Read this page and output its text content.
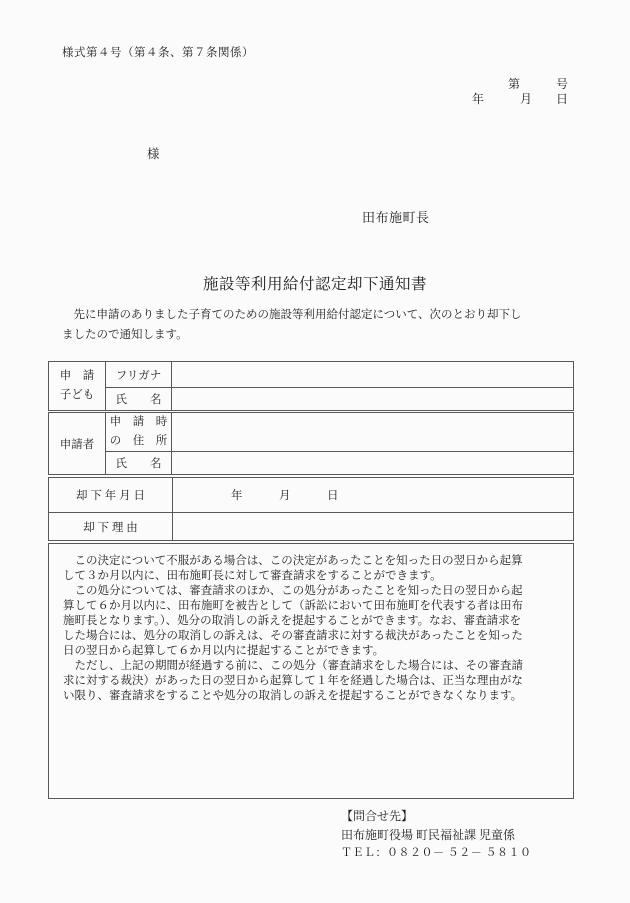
様式第４号（第４条、第７条関係）
第　　　号
年　　　月　　日
様
田布施町長
施設等利用給付認定却下通知書

　先に申請のありました子育てのための施設等利用給付認定について、次のとおり却下しましたので通知します。

申　請
子ども
フリガナ
氏　　名
申請者
申　請　時
の　住　所
氏　　名
却 下 年 月 日	年　　　月　　　日
却 下 理 由

　この決定について不服がある場合は、この決定があったことを知った日の翌日から起算して３か月以内に、田布施町長に対して審査請求をすることができます。

　この処分については、審査請求のほか、この処分があったことを知った日の翌日から起算して６か月以内に、田布施町を被告として（訴訟において田布施町を代表する者は田布施町長となります。）、処分の取消しの訴えを提起することができます。なお、審査請求をした場合には、処分の取消しの訴えは、その審査請求に対する裁決があったことを知った日の翌日から起算して６か月以内に提起することができます。

　ただし、上記の期間が経過する前に、この処分（審査請求をした場合には、その審査請求に対する裁決）があった日の翌日から起算して１年を経過した場合は、正当な理由がない限り、審査請求をすることや処分の取消しの訴えを提起することができなくなります。

【問合せ先】
田布施町役場 町民福祉課 児童係
ＴＥＬ：０８２０－ ５２－ ５８１０
